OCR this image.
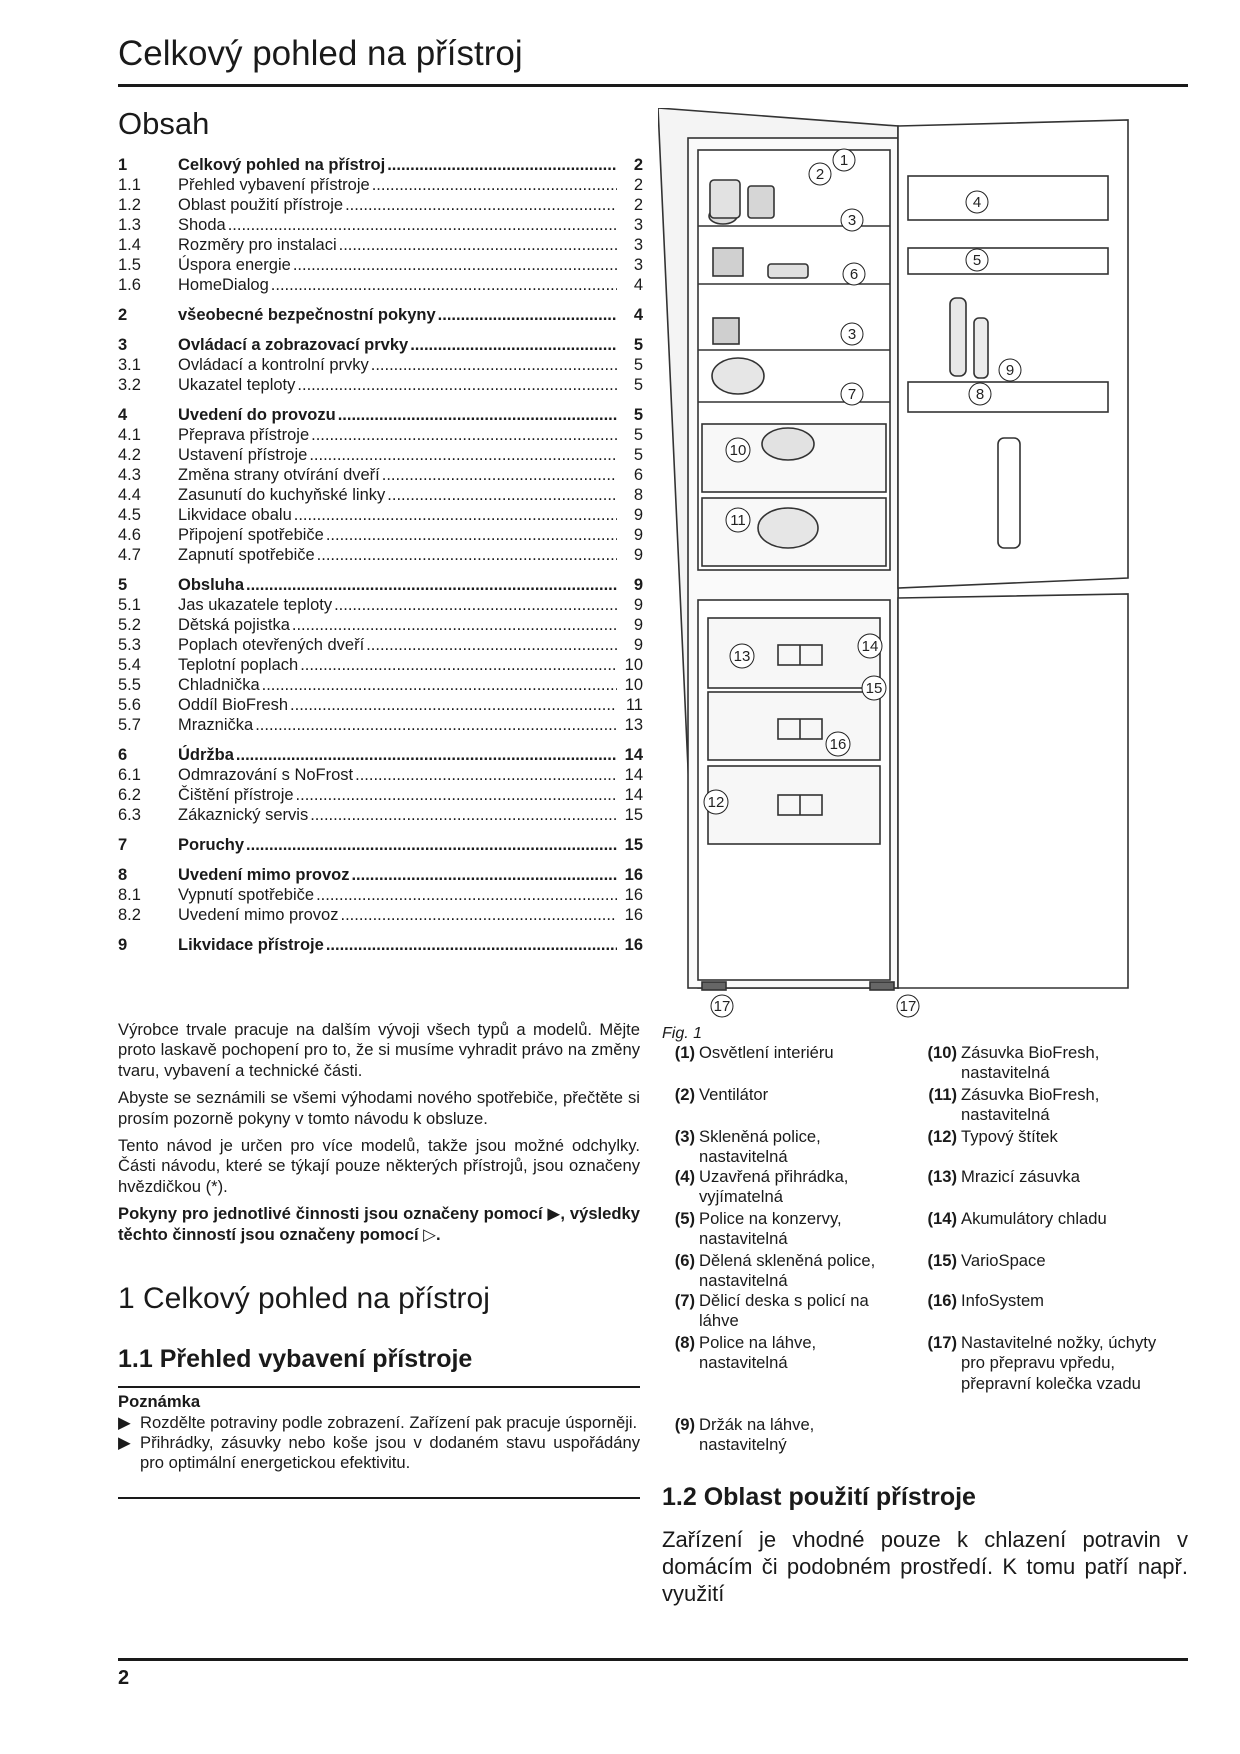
Celkový pohled na přístroj
Obsah
1	Celkový pohled na přístroj .....	2
1.1	Přehled vybavení přístroje .....	2
1.2	Oblast použití přístroje .....	2
1.3	Shoda .....	3
1.4	Rozměry pro instalaci .....	3
1.5	Úspora energie .....	3
1.6	HomeDialog .....	4
2	všeobecné bezpečnostní pokyny .....	4
3	Ovládací a zobrazovací prvky .....	5
3.1	Ovládací a kontrolní prvky .....	5
3.2	Ukazatel teploty .....	5
4	Uvedení do provozu .....	5
4.1	Přeprava přístroje .....	5
4.2	Ustavení přístroje .....	5
4.3	Změna strany otvírání dveří .....	6
4.4	Zasunutí do kuchyňské linky .....	8
4.5	Likvidace obalu .....	9
4.6	Připojení spotřebiče .....	9
4.7	Zapnutí spotřebiče .....	9
5	Obsluha .....	9
5.1	Jas ukazatele teploty .....	9
5.2	Dětská pojistka .....	9
5.3	Poplach otevřených dveří .....	9
5.4	Teplotní poplach .....	10
5.5	Chladnička .....	10
5.6	Oddíl BioFresh .....	11
5.7	Mraznička .....	13
6	Údržba .....	14
6.1	Odmrazování s NoFrost .....	14
6.2	Čištění přístroje .....	14
6.3	Zákaznický servis .....	15
7	Poruchy .....	15
8	Uvedení mimo provoz .....	16
8.1	Vypnutí spotřebiče .....	16
8.2	Uvedení mimo provoz .....	16
9	Likvidace přístroje .....	16

Výrobce trvale pracuje na dalším vývoji všech typů a modelů. Mějte proto laskavě pochopení pro to, že si musíme vyhradit právo na změny tvaru, vybavení a technické části.

Abyste se seznámili se všemi výhodami nového spotřebiče, přečtěte si prosím pozorně pokyny v tomto návodu k obsluze.

Tento návod je určen pro více modelů, takže jsou možné odchylky. Části návodu, které se týkají pouze některých přístrojů, jsou označeny hvězdičkou (*).

Pokyny pro jednotlivé činnosti jsou označeny pomocí ▶, výsledky těchto činností jsou označeny pomocí ▷.

1 Celkový pohled na přístroj
1.1 Přehled vybavení přístroje
Poznámka
▶ Rozdělte potraviny podle zobrazení. Zařízení pak pracuje úsporněji.
▶ Přihrádky, zásuvky nebo koše jsou v dodaném stavu uspořádány pro optimální energetickou efektivitu.
1
2
3
4
5
6
3
9
8
7
10
11
13
14
15
16
12
17	17
Fig. 1
(1) Osvětlení interiéru
(2) Ventilátor
(3) Skleněná police, nastavitelná
(4) Uzavřená přihrádka, vyjímatelná
(5) Police na konzervy, nastavitelná
(6) Dělená skleněná police, nastavitelná
(7) Dělicí deska s policí na láhve
(8) Police na láhve, nastavitelná
(9) Držák na láhve, nastavitelný
(10) Zásuvka BioFresh, nastavitelná
(11) Zásuvka BioFresh, nastavitelná
(12) Typový štítek
(13) Mrazicí zásuvka
(14) Akumulátory chladu
(15) VarioSpace
(16) InfoSystem
(17) Nastavitelné nožky, úchyty pro přepravu vpředu, přepravní kolečka vzadu
1.2 Oblast použití přístroje

Zařízení je vhodné pouze k chlazení potravin v domácím či podobném prostředí. K tomu patří např. využití

2
